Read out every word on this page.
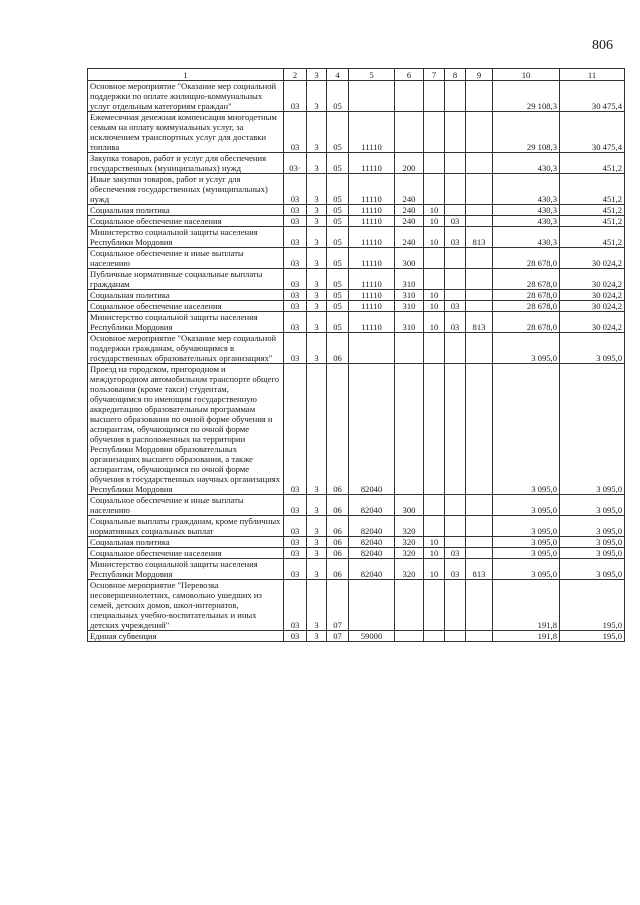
806
1	2	3	4	5	6	7	8	9	10	11
Основное мероприятие "Оказание мер социальной поддержки по оплате жилищно-коммунальных услуг отдельным категориям граждан"	03	3	05						29 108,3	30 475,4
Ежемесячная денежная компенсация многодетным семьям на оплату коммунальных услуг, за исключением транспортных услуг для доставки топлива	03	3	05	11110					29 108,3	30 475,4
Закупка товаров, работ и услуг для обеспечения государственных (муниципальных) нужд	03·	3	05	11110	200				430,3	451,2
Иные закупки товаров, работ и услуг для обеспечения государственных (муниципальных) нужд	03	3	05	11110	240				430,3	451,2
Социальная политика	03	3	05	11110	240	10			430,3	451,2
Социальное обеспечение населения	03	3	05	11110	240	10	03		430,3	451,2
Министерство социальной защиты населения Республики Мордовия	03	3	05	11110	240	10	03	813	430,3	451,2
Социальное обеспечение и иные выплаты населению	03	3	05	11110	300				28 678,0	30 024,2
Публичные нормативные социальные выплаты гражданам	03	3	05	11110	310				28 678,0	30 024,2
Социальная политика	03	3	05	11110	310	10			28 678,0	30 024,2
Социальное обеспечение населения	03	3	05	11110	310	10	03		28 678,0	30 024,2
Министерство социальной защиты населения Республики Мордовия	03	3	05	11110	310	10	03	813	28 678,0	30 024,2
Основное мероприятие "Оказание мер социальной поддержки гражданам, обучающимся в государственных образовательных организациях"	03	3	06						3 095,0	3 095,0
Проезд на городском, пригородном и междугородном автомобильном транспорте общего пользования (кроме такси) студентам, обучающимся по имеющим государственную аккредитацию образовательным программам высшего образования по очной форме обучения и аспирантам, обучающимся по очной форме обучения в расположенных на территории Республики Мордовия образовательных организациях высшего образования, а также аспирантам, обучающимся по очной форме обучения в государственных научных организациях Республики Мордовия	03	3	06	82040					3 095,0	3 095,0
Социальное обеспечение и иные выплаты населению	03	3	06	82040	300				3 095,0	3 095,0
Социальные выплаты гражданам, кроме публичных нормативных социальных выплат	03	3	06	82040	320				3 095,0	3 095,0
Социальная политика	03	3	06	82040	320	10			3 095,0	3 095,0
Социальное обеспечение населения	03	3	06	82040	320	10	03		3 095,0	3 095,0
Министерство социальной защиты населения Республики Мордовия	03	3	06	82040	320	10	03	813	3 095,0	3 095,0
Основное мероприятие "Перевозка несовершеннолетних, самовольно ушедших из семей, детских домов, школ-интернатов, специальных учебно-воспитательных и иных детских учреждений"	03	3	07						191,8	195,0
Единая субвенция	03	3	07	59000					191,8	195,0
